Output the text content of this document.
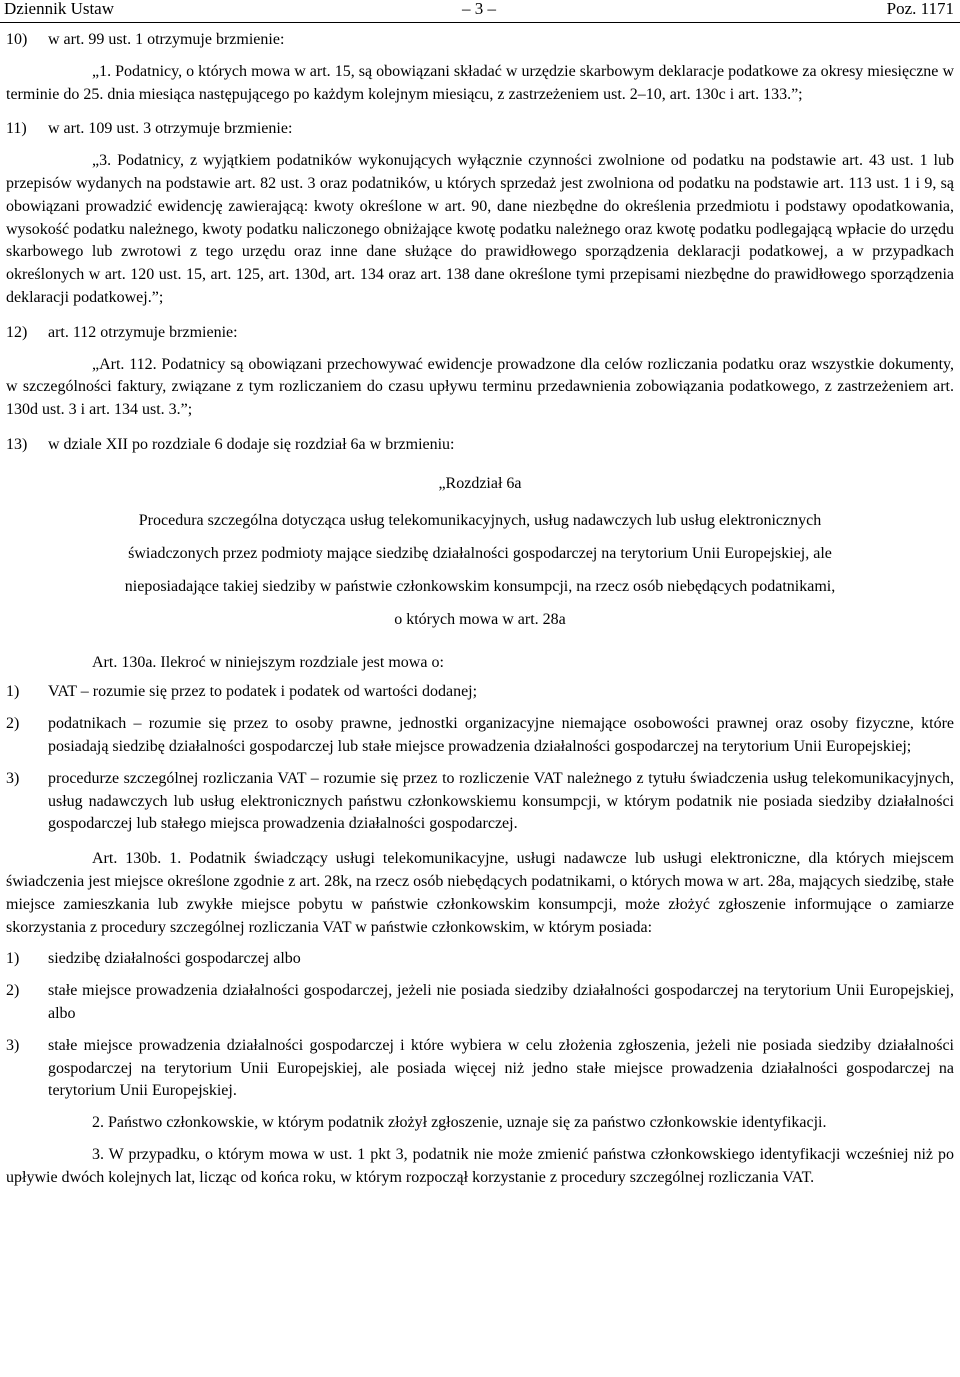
Dziennik Ustaw	– 3 –	Poz. 1171
10)	w art. 99 ust. 1 otrzymuje brzmienie:

„1. Podatnicy, o których mowa w art. 15, są obowiązani składać w urzędzie skarbowym deklaracje podatkowe za okresy miesięczne w terminie do 25. dnia miesiąca następującego po każdym kolejnym miesiącu, z zastrzeżeniem ust. 2–10, art. 130c i art. 133.”;

11)	w art. 109 ust. 3 otrzymuje brzmienie:

„3. Podatnicy, z wyjątkiem podatników wykonujących wyłącznie czynności zwolnione od podatku na podstawie art. 43 ust. 1 lub przepisów wydanych na podstawie art. 82 ust. 3 oraz podatników, u których sprzedaż jest zwolniona od podatku na podstawie art. 113 ust. 1 i 9, są obowiązani prowadzić ewidencję zawierającą: kwoty określone w art. 90, dane niezbędne do określenia przedmiotu i podstawy opodatkowania, wysokość podatku należnego, kwoty podatku naliczonego obniżające kwotę podatku należnego oraz kwotę podatku podlegającą wpłacie do urzędu skarbowego lub zwrotowi z tego urzędu oraz inne dane służące do prawidłowego sporządzenia deklaracji podatkowej, a w przypadkach określonych w art. 120 ust. 15, art. 125, art. 130d, art. 134 oraz art. 138 dane określone tymi przepisami niezbędne do prawidłowego sporządzenia deklaracji podatkowej.”;

12)	art. 112 otrzymuje brzmienie:

„Art. 112. Podatnicy są obowiązani przechowywać ewidencje prowadzone dla celów rozliczania podatku oraz wszystkie dokumenty, w szczególności faktury, związane z tym rozliczaniem do czasu upływu terminu przedawnienia zobowiązania podatkowego, z zastrzeżeniem art. 130d ust. 3 i art. 134 ust. 3.”;

13)	w dziale XII po rozdziale 6 dodaje się rozdział 6a w brzmieniu:

„Rozdział 6a

Procedura szczególna dotycząca usług telekomunikacyjnych, usług nadawczych lub usług elektronicznych
świadczonych przez podmioty mające siedzibę działalności gospodarczej na terytorium Unii Europejskiej, ale
nieposiadające takiej siedziby w państwie członkowskim konsumpcji, na rzecz osób niebędących podatnikami,
o których mowa w art. 28a

Art. 130a. Ilekroć w niniejszym rozdziale jest mowa o:

1)	VAT – rozumie się przez to podatek i podatek od wartości dodanej;
2)	podatnikach – rozumie się przez to osoby prawne, jednostki organizacyjne niemające osobowości prawnej oraz osoby fizyczne, które posiadają siedzibę działalności gospodarczej lub stałe miejsce prowadzenia działalności gospodarczej na terytorium Unii Europejskiej;
3)	procedurze szczególnej rozliczania VAT – rozumie się przez to rozliczenie VAT należnego z tytułu świadczenia usług telekomunikacyjnych, usług nadawczych lub usług elektronicznych państwu członkowskiemu konsumpcji, w którym podatnik nie posiada siedziby działalności gospodarczej lub stałego miejsca prowadzenia działalności gospodarczej.

Art. 130b. 1. Podatnik świadczący usługi telekomunikacyjne, usługi nadawcze lub usługi elektroniczne, dla których miejscem świadczenia jest miejsce określone zgodnie z art. 28k, na rzecz osób niebędących podatnikami, o których mowa w art. 28a, mających siedzibę, stałe miejsce zamieszkania lub zwykłe miejsce pobytu w państwie członkowskim konsumpcji, może złożyć zgłoszenie informujące o zamiarze skorzystania z procedury szczególnej rozliczania VAT w państwie członkowskim, w którym posiada:

1)	siedzibę działalności gospodarczej albo
2)	stałe miejsce prowadzenia działalności gospodarczej, jeżeli nie posiada siedziby działalności gospodarczej na terytorium Unii Europejskiej, albo
3)	stałe miejsce prowadzenia działalności gospodarczej i które wybiera w celu złożenia zgłoszenia, jeżeli nie posiada siedziby działalności gospodarczej na terytorium Unii Europejskiej, ale posiada więcej niż jedno stałe miejsce prowadzenia działalności gospodarczej na terytorium Unii Europejskiej.

2. Państwo członkowskie, w którym podatnik złożył zgłoszenie, uznaje się za państwo członkowskie identyfikacji.

3. W przypadku, o którym mowa w ust. 1 pkt 3, podatnik nie może zmienić państwa członkowskiego identyfikacji wcześniej niż po upływie dwóch kolejnych lat, licząc od końca roku, w którym rozpoczął korzystanie z procedury szczególnej rozliczania VAT.
